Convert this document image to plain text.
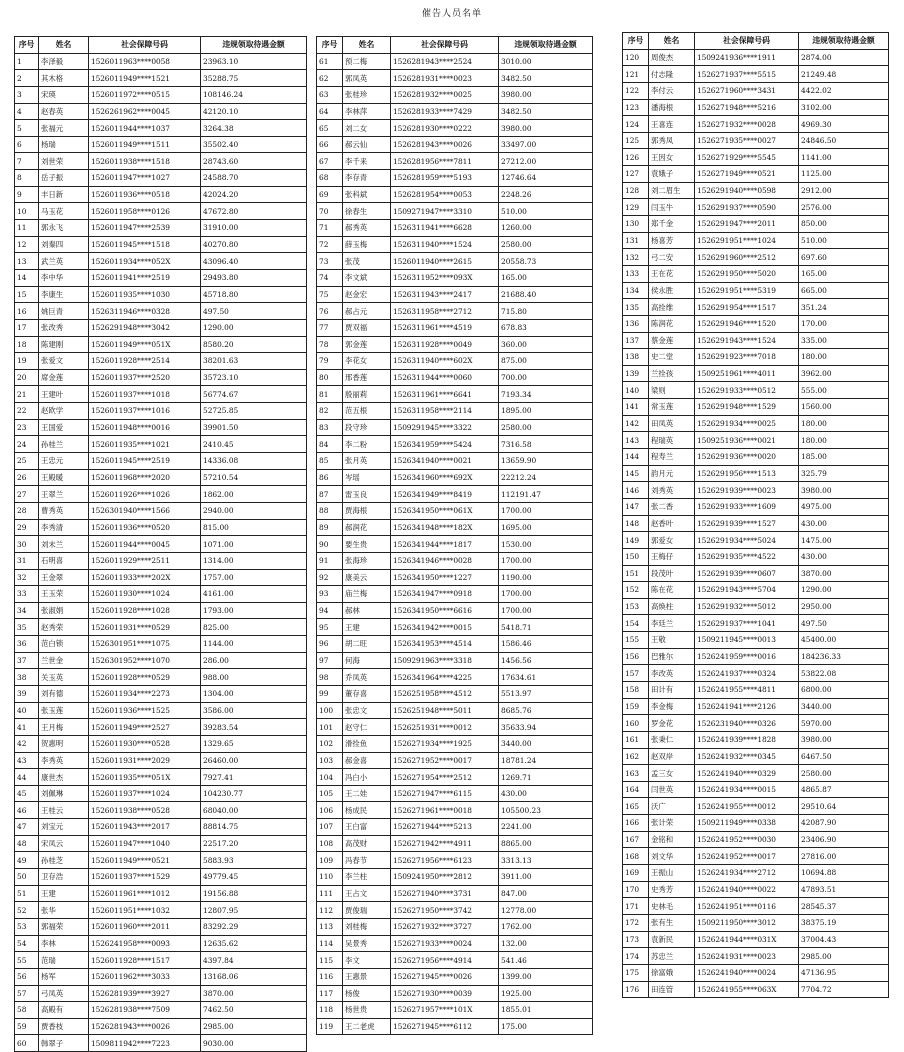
催告人员名单
序号	姓名	社会保障号码	违规领取待遇金额
1	李泽毅	1526011963****0058	23963.10
2	其木格	1526011949****1521	35288.75
3	宋瑛	1526011972****0515	108146.24
4	赵春英	1526261962****0045	42120.10
5	张福元	1526011944****1037	3264.38
6	杨瑞	1526011949****1511	35502.40
7	刘世荣	1526011938****1518	28743.60
8	岳子振	1526011947****1027	24588.70
9	丰日新	1526011936****0518	42024.20
10	马玉花	1526011958****0126	47672.80
11	郭永飞	1526011947****2539	31910.00
12	刘秦四	1526011945****1518	40270.80
13	武兰英	1526011934****052X	43096.40
14	李中华	1526011941****2519	29493.80
15	李康生	1526011935****1030	45718.80
16	姚巨青	1526311946****0328	497.50
17	张改秀	1526291948****3042	1290.00
18	陈建刚	1526011949****051X	8580.20
19	张爱文	1526011928****2514	38201.63
20	席金莲	1526011937****2520	35723.10
21	王建叶	1526011937****1018	56774.67
22	赵欧学	1526011937****1016	52725.85
23	王国爱	1526011948****0016	39901.50
24	孙桂兰	1526011935****1021	2410.45
25	王忠元	1526011945****2519	14336.08
26	王殿暖	1526011968****2020	57210.54
27	王翠兰	1526011926****1026	1862.00
28	曹秀英	1526301940****1566	2940.00
29	李秀清	1526011936****0520	815.00
30	刘末兰	1526011944****0045	1071.00
31	石明喜	1526011929****2511	1314.00
32	王金翠	1526011933****202X	1757.00
33	王玉荣	1526011930****1024	4161.00
34	张淑娟	1526011928****1028	1793.00
35	赵秀荣	1526011931****0529	825.00
36	范白锁	1526301951****1075	1144.00
37	兰世金	1526301952****1070	286.00
38	关玉英	1526011928****0529	988.00
39	刘有德	1526011934****2273	1304.00
40	张玉莲	1526011936****1525	3586.00
41	王月梅	1526011949****2527	39283.54
42	贺惠明	1526011930****0528	1329.65
43	李秀英	1526011931****2029	26460.00
44	康世杰	1526011935****051X	7927.41
45	刘佩琳	1526011937****1024	104230.77
46	王桂云	1526011938****0528	68040.00
47	刘宝元	1526011943****2017	88814.75
48	宋凤云	1526011947****1040	22517.20
49	孙桂芝	1526011949****0521	5883.93
50	卫存浩	1526011937****1529	49779.45
51	王建	1526011961****1012	19156.88
52	张华	1526011951****1032	12807.95
53	郭福荣	1526011960****2011	83292.29
54	李林	1526241958****0093	12635.62
55	范瑞	1526011928****1517	4397.84
56	杨军	1526011962****3033	13168.06
57	弓凤英	1526281939****3927	3870.00
58	高殿有	1526281938****7509	7462.50
59	贾香枝	1526281943****0026	2985.00
60	韩翠子	1509811942****7223	9030.00
序号	姓名	社会保障号码	违规领取待遇金额
61	预二梅	1526281943****2524	3010.00
62	郭凤英	1526281931****0023	3482.50
63	张桂珍	1526281932****0025	3980.00
64	李林萍	1526281933****7429	3482.50
65	刘二女	1526281930****0222	3980.00
66	郝云仙	1526281943****0026	33497.00
67	李千来	1526281956****7811	27212.00
68	李存青	1526281959****5193	12746.64
69	张科斌	1526281954****0053	2248.26
70	徐春生	1509271947****3310	510.00
71	郝秀英	1526311941****6628	1260.00
72	薛玉梅	1526311940****1524	2580.00
73	张茂	1526011940****2615	20558.73
74	李文斌	1526311952****093X	165.00
75	赵金宏	1526311943****2417	21688.40
76	郝占元	1526311958****2712	715.80
77	贾双福	1526311961****4519	678.83
78	郭金莲	1526311928****0049	360.00
79	李花女	1526311940****602X	875.00
80	邢香莲	1526311944****0060	700.00
81	殷丽莉	1526311961****6641	7193.34
82	范五根	1526311958****2114	1895.00
83	段守珍	1509291945****3322	2580.00
84	李二粉	1526341959****5424	7316.58
85	张月英	1526341940****0021	13659.90
86	岑瑶	1526341960****692X	22212.24
87	雷玉良	1526341949****8419	112191.47
88	贾海根	1526341950****061X	1700.00
89	郝润花	1526341948****182X	1695.00
90	要生贵	1526341944****1817	1530.00
91	张海珍	1526341946****0028	1700.00
92	康美云	1526341950****1227	1190.00
93	庙兰梅	1526341947****0918	1700.00
94	郝林	1526341950****6616	1700.00
95	王建	1526341942****0015	5418.71
96	胡二旺	1526341953****4514	1586.46
97	何海	1509291963****3318	1456.56
98	乔凤英	1526341964****4225	17634.61
99	董存喜	1526251958****4512	5513.97
100	张忠文	1526251948****5011	8685.76
101	赵守仁	1526251931****0012	35633.94
102	滑拴鱼	1526271934****1925	3440.00
103	郝金喜	1526271952****0017	18781.24
104	冯白小	1526271954****2512	1269.71
105	王二娃	1526271947****6115	430.00
106	杨成民	1526271961****0018	105500.23
107	王白富	1526271944****5213	2241.00
108	高茂财	1526271942****4911	8865.00
109	冯春节	1526271956****6123	3313.13
110	李兰柱	1509241950****2812	3911.00
111	王占文	1526271940****3731	847.00
112	贾俊瑞	1526271950****3742	12778.00
113	刘桂梅	1526271932****3727	1762.00
114	吴景秀	1526271933****0024	132.00
115	李文	1526271956****4914	541.46
116	王惠景	1526271945****0026	1399.00
117	杨俊	1526271930****0039	1925.00
118	杨世贵	1526271957****101X	1855.01
119	王二老虎	1526271945****6112	175.00
序号	姓名	社会保障号码	违规领取待遇金额
120	周俊杰	1509241936****1911	2874.00
121	付志隆	1526271937****5515	21249.48
122	李付云	1526271960****3431	4422.02
123	潘海根	1526271948****5216	3102.00
124	王喜连	1526271932****0028	4969.30
125	郭秀凤	1526271935****0027	24846.50
126	王因女	1526271929****5545	1141.00
127	袁娥子	1526271949****0521	1125.00
128	刘二眉生	1526291940****0598	2912.00
129	闫玉牛	1526291937****0590	2576.00
130	郑千金	1526291947****2011	850.00
131	杨喜芳	1526291951****1024	510.00
132	弓二安	1526291960****2512	697.60
133	王在花	1526291950****5020	165.00
134	侯永胜	1526291951****5319	665.00
135	高拴维	1526291954****1517	351.24
136	陈润花	1526291946****1520	170.00
137	蔡金莲	1526291943****1524	335.00
138	史二堂	1526291923****7018	180.00
139	兰拴孩	1509251961****4011	3962.00
140	梁则	1526291933****0512	555.00
141	常玉莲	1526291948****1529	1560.00
142	田凤英	1526291934****0025	180.00
143	程瑞英	1509251936****0021	180.00
144	程寿兰	1526291936****0020	185.00
145	韵月元	1526291956****1513	325.79
146	刘秀英	1526291939****0023	3980.00
147	张二香	1526291933****1609	4975.00
148	赵香叶	1526291939****1527	430.00
149	郭爱女	1526291934****5024	1475.00
150	王梅仔	1526291935****4522	430.00
151	段茂叶	1526291939****0607	3870.00
152	陈在花	1526291943****5704	1290.00
153	高焕柱	1526291932****5012	2950.00
154	李廷兰	1526291937****1041	497.50
155	王敬	1509211945****0013	45400.00
156	巴雅尔	1526241959****0016	184236.33
157	李改英	1526241937****0324	53822.08
158	田计有	1526241955****4811	6800.00
159	李金梅	1526241941****2126	3440.00
160	罗金花	1526231940****0326	5970.00
161	张秉仁	1526241939****1828	3980.00
162	赵双岸	1526241932****0345	6467.50
163	孟三女	1526241940****0329	2580.00
164	闫世英	1526241934****0015	4865.87
165	沃广	1526241955****0012	29510.64
166	张计荣	1509211949****0338	42087.90
167	金铭和	1526241952****0030	23406.90
168	刘文华	1526241952****0017	27816.00
169	王振山	1526241934****2712	10694.88
170	史秀芳	1526241940****0022	47893.51
171	史林毛	1526241951****0116	28545.37
172	张有生	1509211950****3012	38375.19
173	袁新民	1526241944****031X	37004.43
174	苏忠兰	1526241931****0023	2985.00
175	徐富娥	1526241940****0024	47136.95
176	田连管	1526241955****063X	7704.72
